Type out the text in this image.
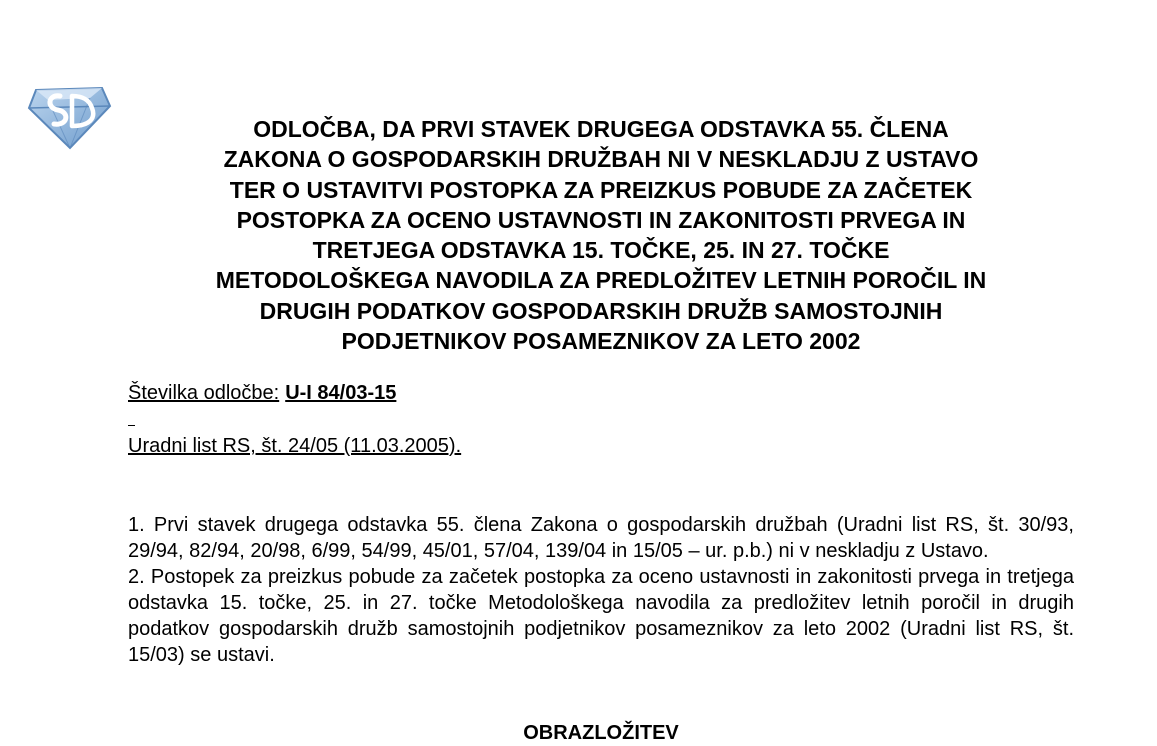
ODLOČBA, DA PRVI STAVEK DRUGEGA ODSTAVKA 55. ČLENA
ZAKONA O GOSPODARSKIH DRUŽBAH NI V NESKLADJU Z USTAVO
TER O USTAVITVI POSTOPKA ZA PREIZKUS POBUDE ZA ZAČETEK
POSTOPKA ZA OCENO USTAVNOSTI IN ZAKONITOSTI PRVEGA IN
TRETJEGA ODSTAVKA 15. TOČKE, 25. IN 27. TOČKE
METODOLOŠKEGA NAVODILA ZA PREDLOŽITEV LETNIH POROČIL IN
DRUGIH PODATKOV GOSPODARSKIH DRUŽB SAMOSTOJNIH
PODJETNIKOV POSAMEZNIKOV ZA LETO 2002
Številka odločbe: U-I 84/03-15
Uradni list RS, št. 24/05 (11.03.2005).

1. Prvi stavek drugega odstavka 55. člena Zakona o gospodarskih družbah (Uradni list RS, št. 30/93, 29/94, 82/94, 20/98, 6/99, 54/99, 45/01, 57/04, 139/04 in 15/05 – ur. p.b.) ni v neskladju z Ustavo.

2. Postopek za preizkus pobude za začetek postopka za oceno ustavnosti in zakonitosti prvega in tretjega odstavka 15. točke, 25. in 27. točke Metodološkega navodila za predložitev letnih poročil in drugih podatkov gospodarskih družb samostojnih podjetnikov posameznikov za leto 2002 (Uradni list RS, št. 15/03) se ustavi.

OBRAZLOŽITEV
